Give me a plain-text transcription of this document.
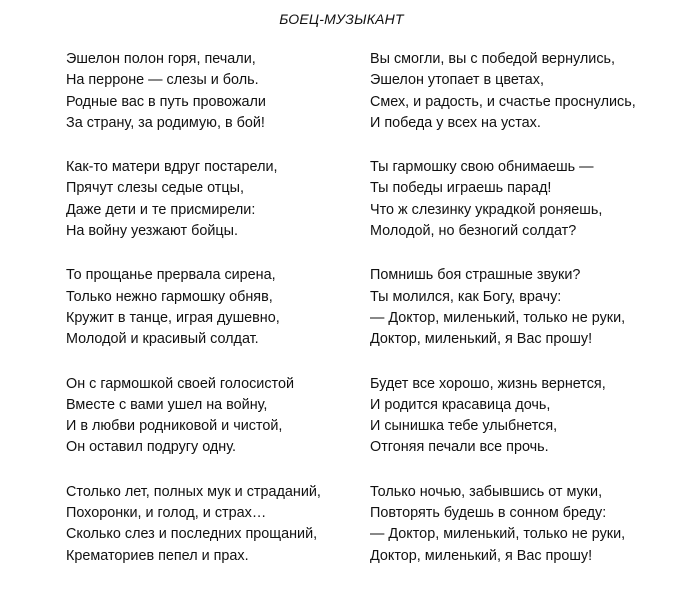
БОЕЦ-МУЗЫКАНТ
Эшелон полон горя, печали,
На перроне — слезы и боль.
Родные вас в путь провожали
За страну, за родимую, в бой!
Как-то матери вдруг постарели,
Прячут слезы седые отцы,
Даже дети и те присмирели:
На войну уезжают бойцы.
То прощанье прервала сирена,
Только нежно гармошку обняв,
Кружит в танце, играя душевно,
Молодой и красивый солдат.
Он с гармошкой своей голосистой
Вместе с вами ушел на войну,
И в любви родниковой и чистой,
Он оставил подругу одну.
Столько лет, полных мук и страданий,
Похоронки, и голод, и страх…
Сколько слез и последних прощаний,
Крематориев пепел и прах.
Вы смогли, вы с победой вернулись,
Эшелон утопает в цветах,
Смех, и радость, и счастье проснулись,
И победа у всех на устах.
Ты гармошку свою обнимаешь —
Ты победы играешь парад!
Что ж слезинку украдкой роняешь,
Молодой, но безногий солдат?
Помнишь боя страшные звуки?
Ты молился, как Богу, врачу:
— Доктор, миленький, только не руки,
Доктор, миленький, я Вас прошу!
Будет все хорошо, жизнь вернется,
И родится красавица дочь,
И сынишка тебе улыбнется,
Отгоняя печали все прочь.
Только ночью, забывшись от муки,
Повторять будешь в сонном бреду:
— Доктор, миленький, только не руки,
Доктор, миленький, я Вас прошу!
